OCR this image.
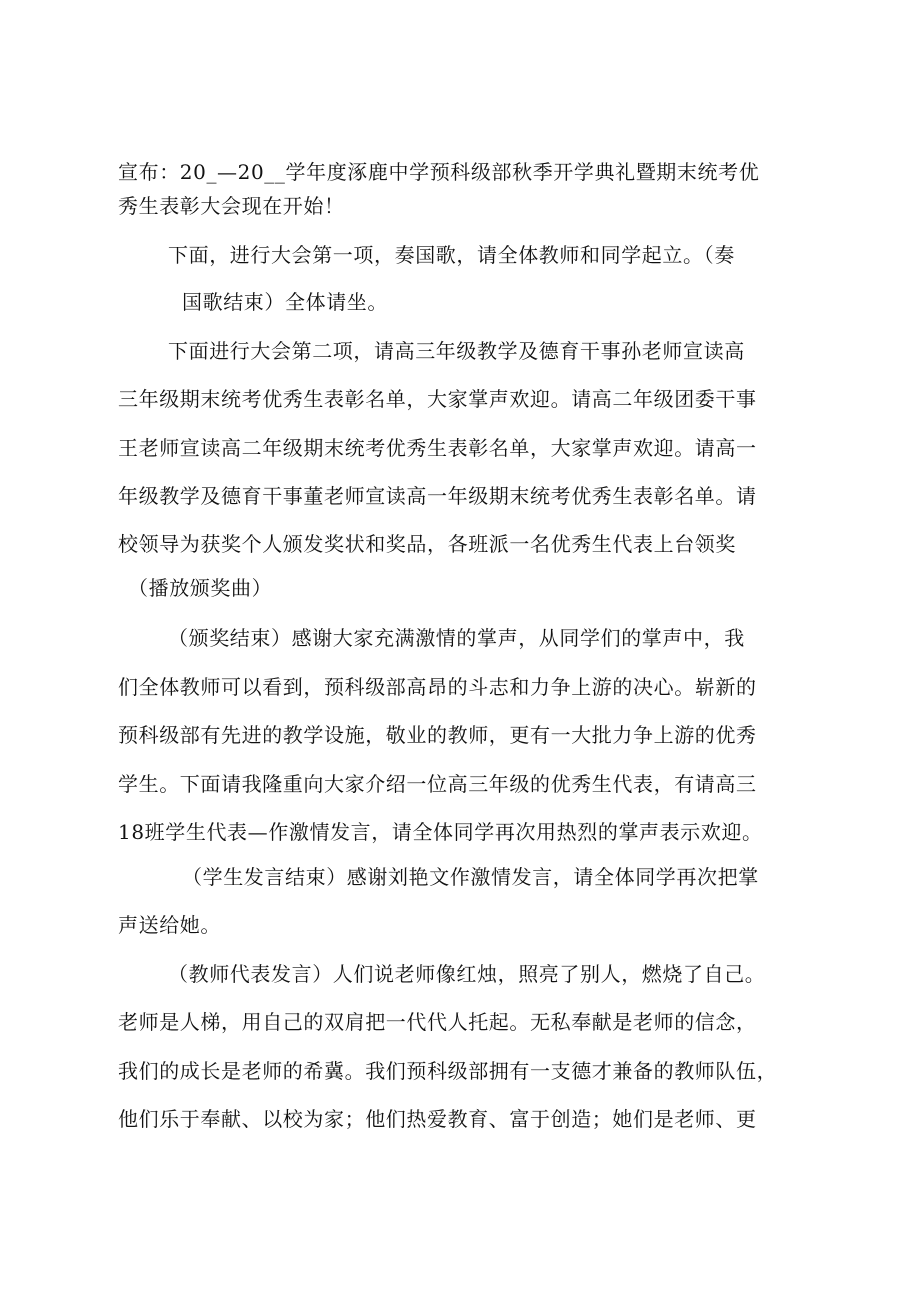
宣布：20_—20__学年度涿鹿中学预科级部秋季开学典礼暨期末统考优
秀生表彰大会现在开始！
下面，进行大会第一项，奏国歌，请全体教师和同学起立。（奏
国歌结束）全体请坐。
下面进行大会第二项，请高三年级教学及德育干事孙老师宣读高
三年级期末统考优秀生表彰名单，大家掌声欢迎。请高二年级团委干事
王老师宣读高二年级期末统考优秀生表彰名单，大家掌声欢迎。请高一
年级教学及德育干事董老师宣读高一年级期末统考优秀生表彰名单。请
校领导为获奖个人颁发奖状和奖品，各班派一名优秀生代表上台领奖
（播放颁奖曲）
（颁奖结束）感谢大家充满激情的掌声，从同学们的掌声中，我
们全体教师可以看到，预科级部高昂的斗志和力争上游的决心。崭新的
预科级部有先进的教学设施，敬业的教师，更有一大批力争上游的优秀
学生。下面请我隆重向大家介绍一位高三年级的优秀生代表，有请高三
18班学生代表—作激情发言，请全体同学再次用热烈的掌声表示欢迎。
（学生发言结束）感谢刘艳文作激情发言，请全体同学再次把掌
声送给她。
（教师代表发言）人们说老师像红烛，照亮了别人，燃烧了自己。
老师是人梯，用自己的双肩把一代代人托起。无私奉献是老师的信念，
我们的成长是老师的希冀。我们预科级部拥有一支德才兼备的教师队伍，
他们乐于奉献、以校为家；他们热爱教育、富于创造；她们是老师、更
